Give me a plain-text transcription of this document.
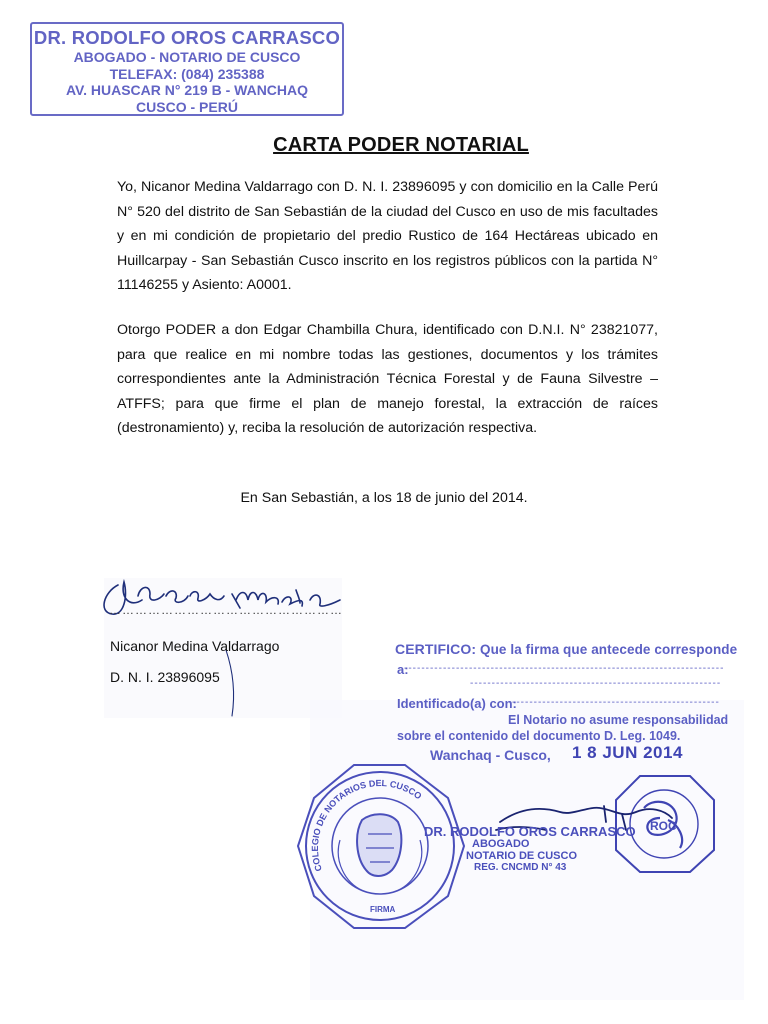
DR. RODOLFO OROS CARRASCO
ABOGADO - NOTARIO DE CUSCO
TELEFAX: (084) 235388
AV. HUASCAR N° 219 B - WANCHAQ
CUSCO - PERÚ
CARTA PODER NOTARIAL
Yo, Nicanor Medina Valdarrago con D. N. I. 23896095 y con domicilio en la Calle Perú N° 520 del distrito de San Sebastián de la ciudad del Cusco en uso de mis facultades y en mi condición de propietario del predio Rustico de 164 Hectáreas ubicado en Huillcarpay - San Sebastián Cusco inscrito en los registros públicos con la partida N° 11146255 y Asiento: A0001.
Otorgo PODER a don Edgar Chambilla Chura, identificado con D.N.I. N° 23821077, para que realice en mi nombre todas las gestiones, documentos y los trámites correspondientes ante la Administración Técnica Forestal y de Fauna Silvestre – ATFFS; para que firme el plan de manejo forestal, la extracción de raíces (destronamiento) y, reciba la resolución de autorización respectiva.
En San Sebastián, a los 18 de junio del 2014.
COLEGIO DE NOTARIOS DEL CUSCO
FIRMA
ROC
………………………………………………
Nicanor Medina Valdarrago
D. N. I. 23896095
CERTIFICO: Que la firma que antecede corresponde
a:
--------------------------------------------------------------------------
----------------------------------------------------------
Identificado(a) con:
------------------------------------------------
El Notario no asume responsabilidad
sobre el contenido del documento D. Leg. 1049.
Wanchaq - Cusco, 1 8 JUN 2014
DR. RODOLFO OROS CARRASCO
ABOGADO
NOTARIO DE CUSCO
REG. CNCMD N° 43
